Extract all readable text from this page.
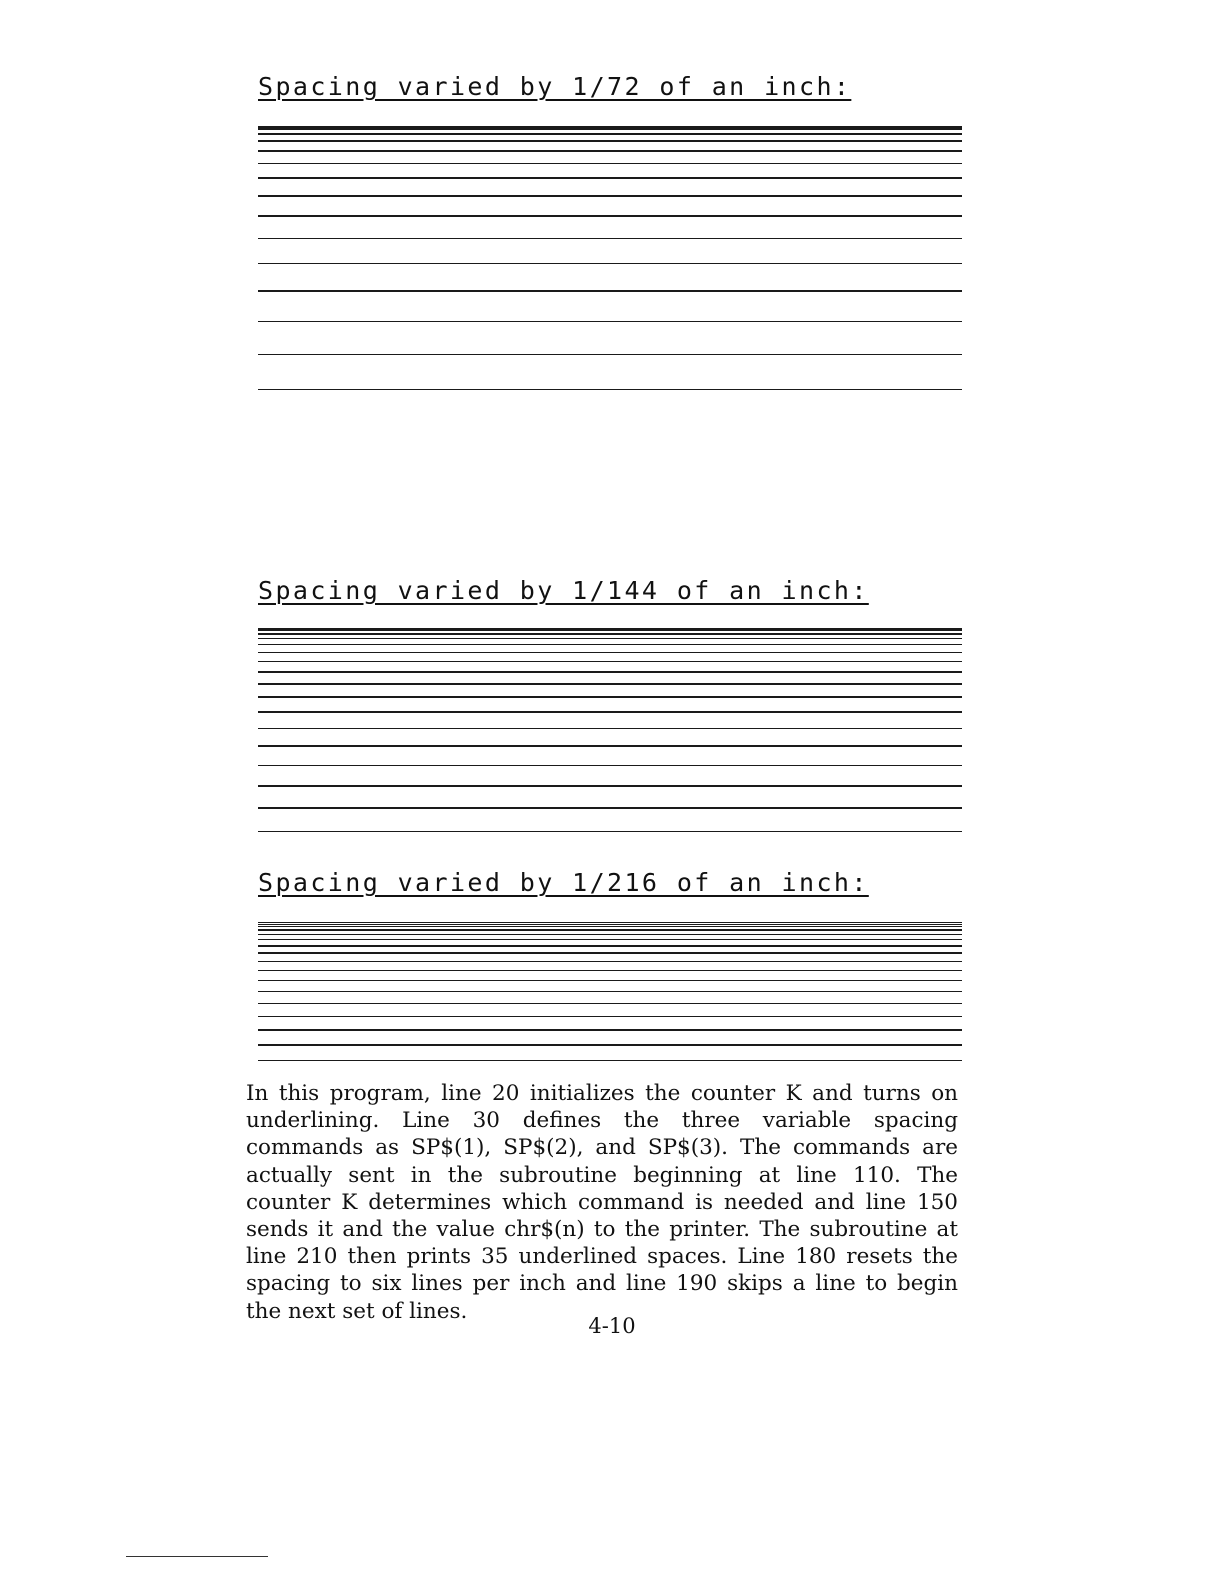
Spacing varied by 1/72 of an inch:
Spacing varied by 1/144 of an inch:
Spacing varied by 1/216 of an inch:

In this program, line 20 initializes the counter K and turns on underlining. Line 30 defines the three variable spacing commands as SP$(1), SP$(2), and SP$(3). The commands are actually sent in the subroutine beginning at line 110. The counter K determines which command is needed and line 150 sends it and the value chr$(n) to the printer. The subroutine at line 210 then prints 35 underlined spaces. Line 180 resets the spacing to six lines per inch and line 190 skips a line to begin the next set of lines.

4-10
